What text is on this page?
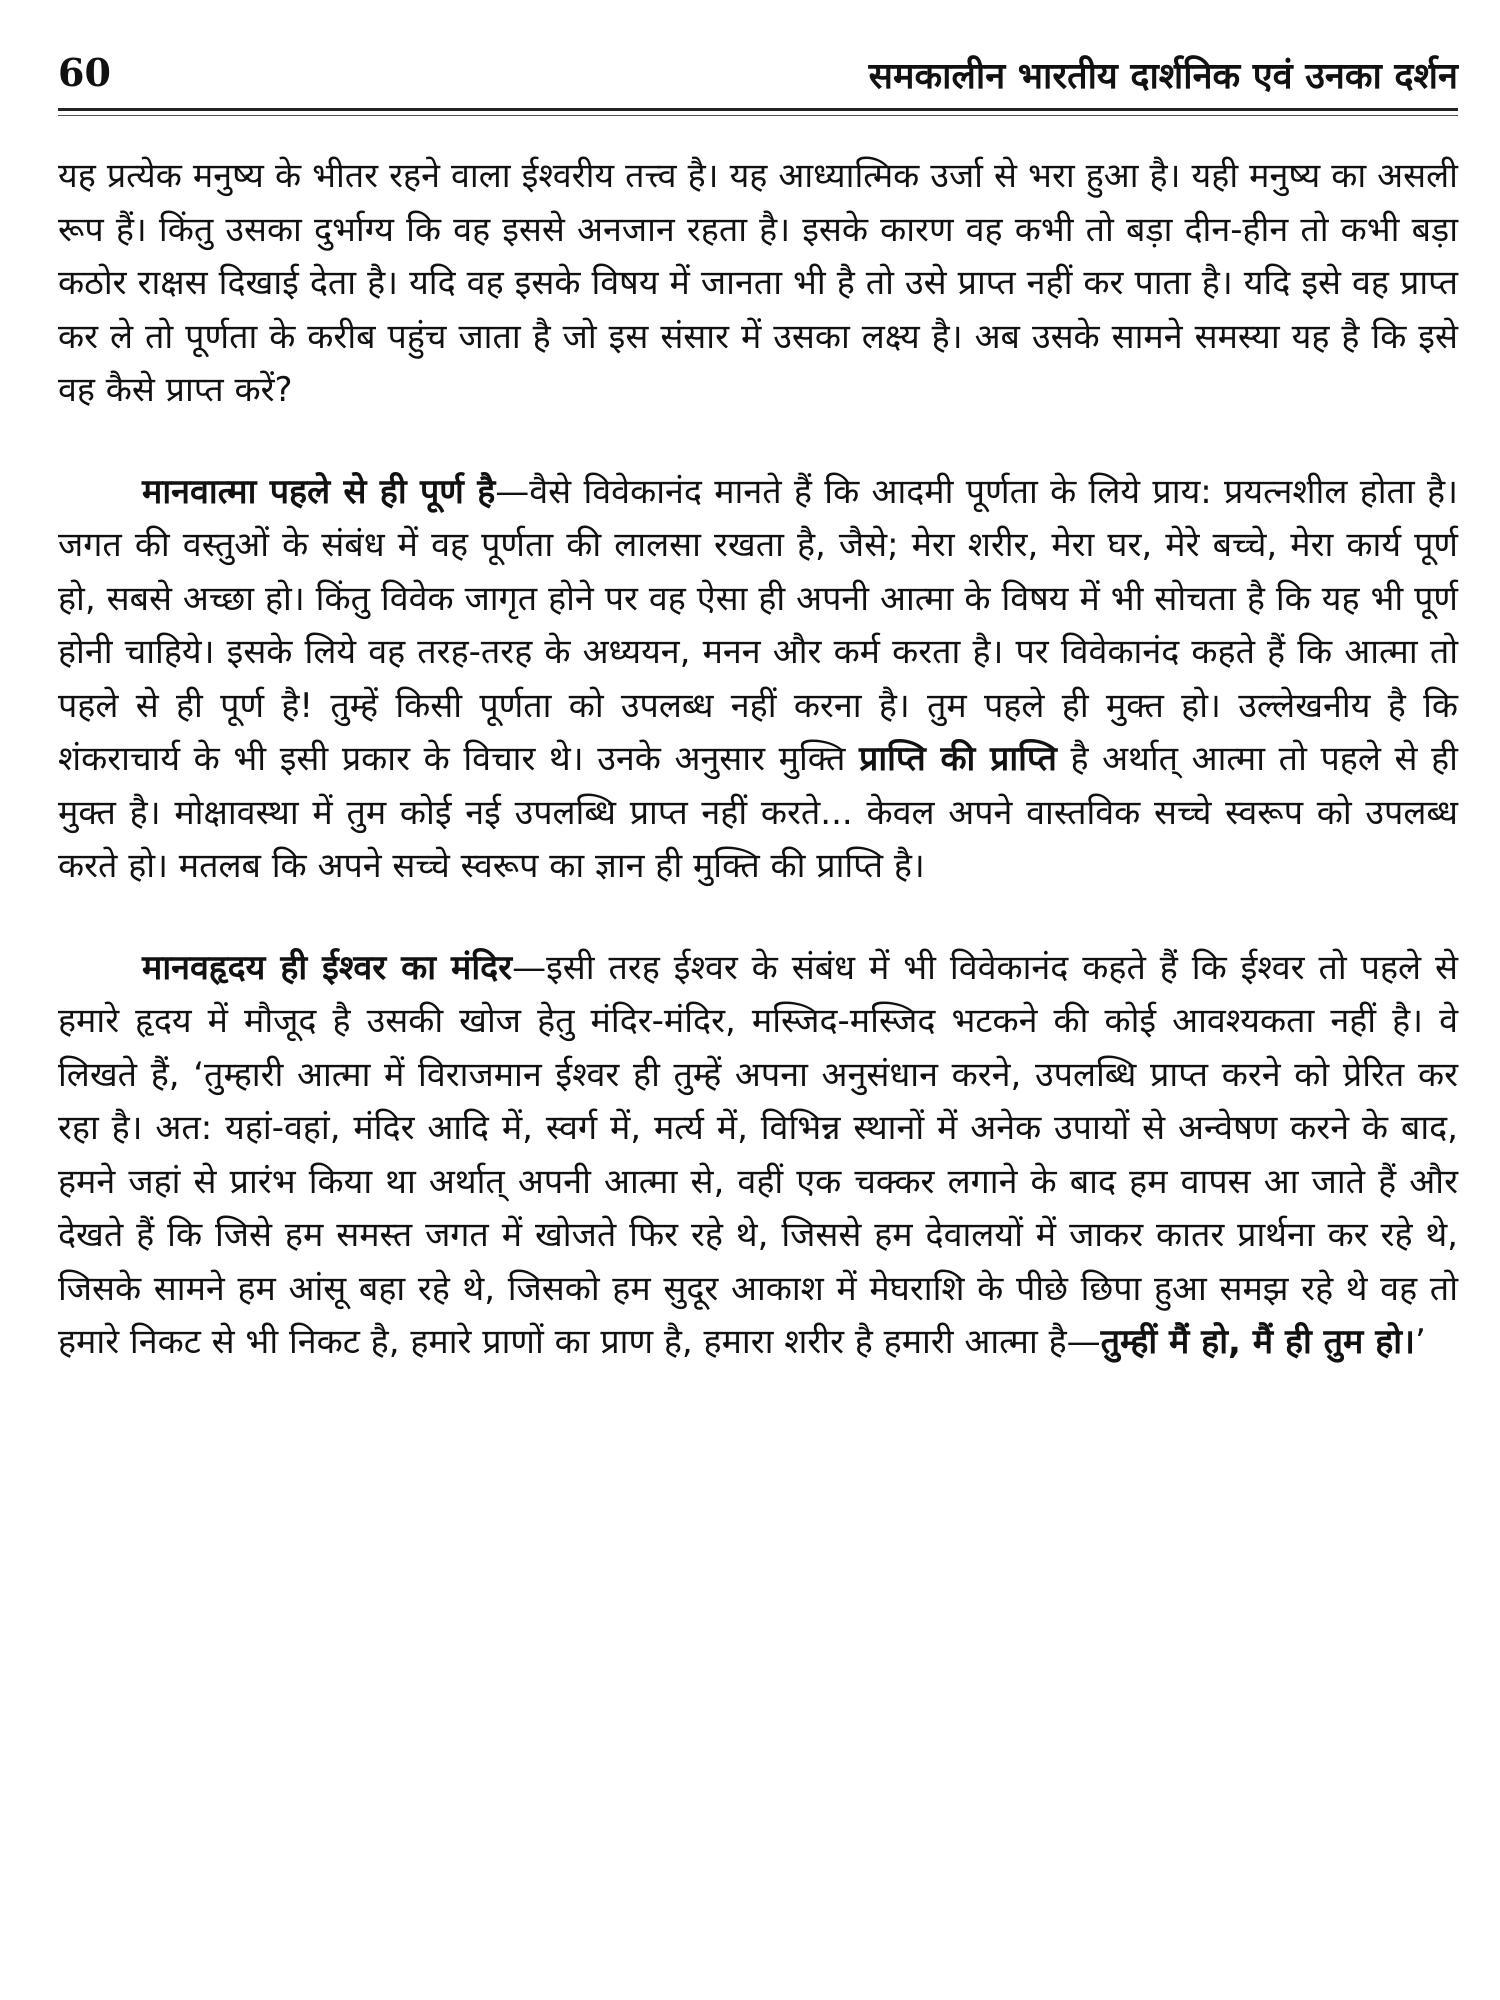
60	समकालीन भारतीय दार्शनिक एवं उनका दर्शन

यह प्रत्येक मनुष्य के भीतर रहने वाला ईश्वरीय तत्त्व है। यह आध्यात्मिक उर्जा से भरा हुआ है। यही मनुष्य का असली रूप हैं। किंतु उसका दुर्भाग्य कि वह इससे अनजान रहता है। इसके कारण वह कभी तो बड़ा दीन-हीन तो कभी बड़ा कठोर राक्षस दिखाई देता है। यदि वह इसके विषय में जानता भी है तो उसे प्राप्त नहीं कर पाता है। यदि इसे वह प्राप्त कर ले तो पूर्णता के करीब पहुंच जाता है जो इस संसार में उसका लक्ष्य है। अब उसके सामने समस्या यह है कि इसे वह कैसे प्राप्त करें?

मानवात्मा पहले से ही पूर्ण है—वैसे विवेकानंद मानते हैं कि आदमी पूर्णता के लिये प्राय: प्रयत्नशील होता है। जगत की वस्तुओं के संबंध में वह पूर्णता की लालसा रखता है, जैसे; मेरा शरीर, मेरा घर, मेरे बच्चे, मेरा कार्य पूर्ण हो, सबसे अच्छा हो। किंतु विवेक जागृत होने पर वह ऐसा ही अपनी आत्मा के विषय में भी सोचता है कि यह भी पूर्ण होनी चाहिये। इसके लिये वह तरह-तरह के अध्ययन, मनन और कर्म करता है। पर विवेकानंद कहते हैं कि आत्मा तो पहले से ही पूर्ण है! तुम्हें किसी पूर्णता को उपलब्ध नहीं करना है। तुम पहले ही मुक्त हो। उल्लेखनीय है कि शंकराचार्य के भी इसी प्रकार के विचार थे। उनके अनुसार मुक्ति प्राप्ति की प्राप्ति है अर्थात् आत्मा तो पहले से ही मुक्त है। मोक्षावस्था में तुम कोई नई उपलब्धि प्राप्त नहीं करते... केवल अपने वास्तविक सच्चे स्वरूप को उपलब्ध करते हो। मतलब कि अपने सच्चे स्वरूप का ज्ञान ही मुक्ति की प्राप्ति है।

मानवहृदय ही ईश्वर का मंदिर—इसी तरह ईश्वर के संबंध में भी विवेकानंद कहते हैं कि ईश्वर तो पहले से हमारे हृदय में मौजूद है उसकी खोज हेतु मंदिर-मंदिर, मस्जिद-मस्जिद भटकने की कोई आवश्यकता नहीं है। वे लिखते हैं, ‘तुम्हारी आत्मा में विराजमान ईश्वर ही तुम्हें अपना अनुसंधान करने, उपलब्धि प्राप्त करने को प्रेरित कर रहा है। अत: यहां-वहां, मंदिर आदि में, स्वर्ग में, मर्त्य में, विभिन्न स्थानों में अनेक उपायों से अन्वेषण करने के बाद, हमने जहां से प्रारंभ किया था अर्थात् अपनी आत्मा से, वहीं एक चक्कर लगाने के बाद हम वापस आ जाते हैं और देखते हैं कि जिसे हम समस्त जगत में खोजते फिर रहे थे, जिससे हम देवालयों में जाकर कातर प्रार्थना कर रहे थे, जिसके सामने हम आंसू बहा रहे थे, जिसको हम सुदूर आकाश में मेघराशि के पीछे छिपा हुआ समझ रहे थे वह तो हमारे निकट से भी निकट है, हमारे प्राणों का प्राण है, हमारा शरीर है हमारी आत्मा है—तुम्हीं मैं हो, मैं ही तुम हो।’
